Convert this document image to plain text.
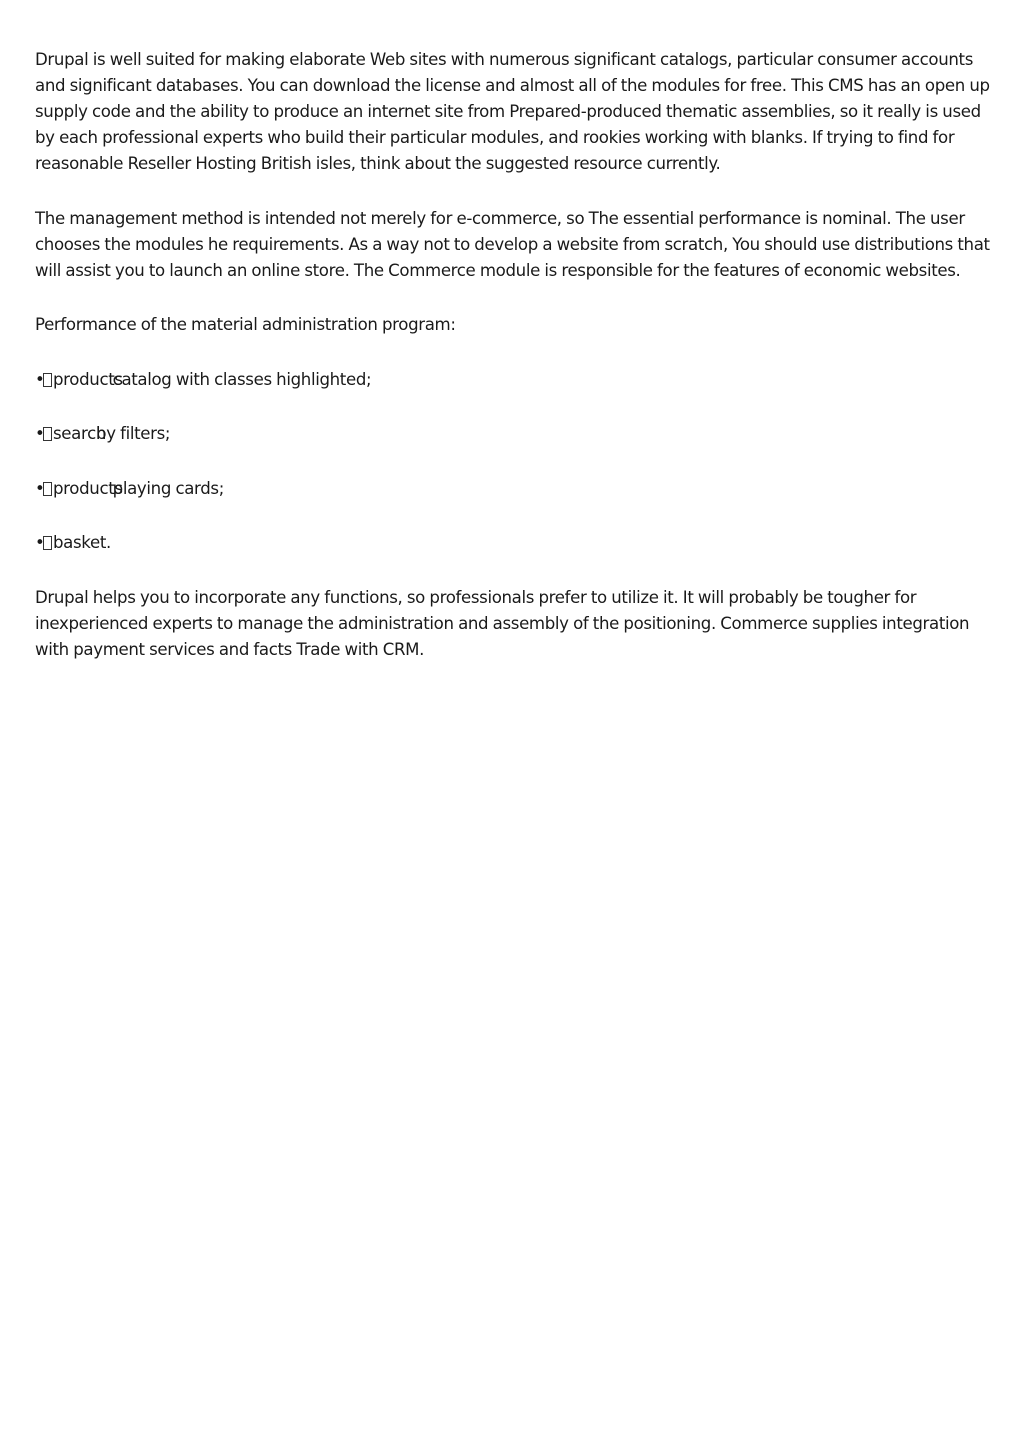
Drupal is well suited for making elaborate Web sites with numerous significant catalogs, particular consumer accounts and significant databases. You can download the license and almost all of the modules for free. This CMS has an open up supply code and the ability to produce an internet site from Prepared-produced thematic assemblies, so it really is used by each professional experts who build their particular modules, and rookies working with blanks. If trying to find for reasonable Reseller Hosting British isles, think about the suggested resource currently.

The management method is intended not merely for e-commerce, so The essential performance is nominal. The user chooses the modules he requirements. As a way not to develop a website from scratch, You should use distributions that will assist you to launch an online store. The Commerce module is responsible for the features of economic websites.

Performance of the material administration program:

• productscatalog with classes highlighted;
• searchby filters;
• productsplaying cards;
• basket.

Drupal helps you to incorporate any functions, so professionals prefer to utilize it. It will probably be tougher for inexperienced experts to manage the administration and assembly of the positioning. Commerce supplies integration with payment services and facts Trade with CRM.
